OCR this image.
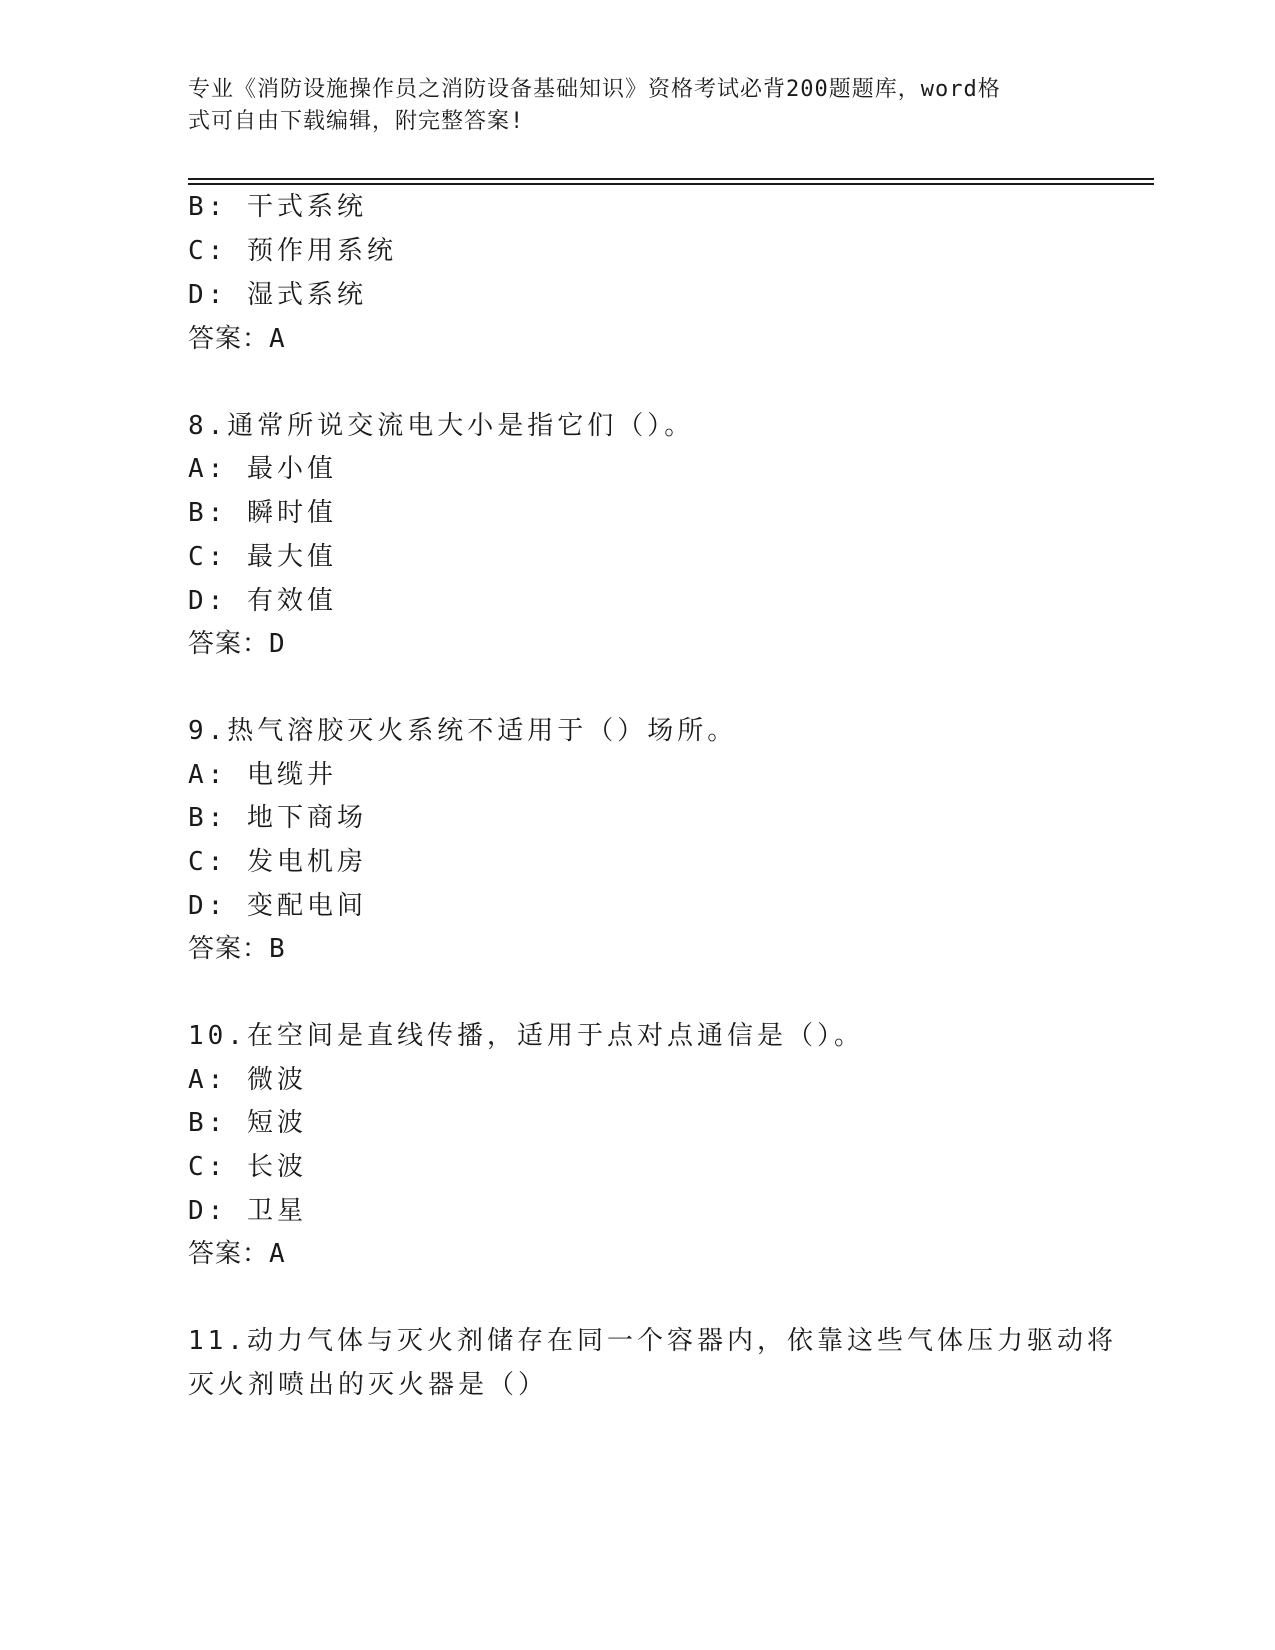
专业《消防设施操作员之消防设备基础知识》资格考试必背200题题库，word格
式可自由下载编辑，附完整答案!
B: 干式系统
C: 预作用系统
D: 湿式系统
答案：A
8.通常所说交流电大小是指它们（）。
A: 最小值
B: 瞬时值
C: 最大值
D: 有效值
答案：D
9.热气溶胶灭火系统不适用于（）场所。
A: 电缆井
B: 地下商场
C: 发电机房
D: 变配电间
答案：B
10.在空间是直线传播，适用于点对点通信是（）。
A: 微波
B: 短波
C: 长波
D: 卫星
答案：A
11.动力气体与灭火剂储存在同一个容器内，依靠这些气体压力驱动将
灭火剂喷出的灭火器是（）
